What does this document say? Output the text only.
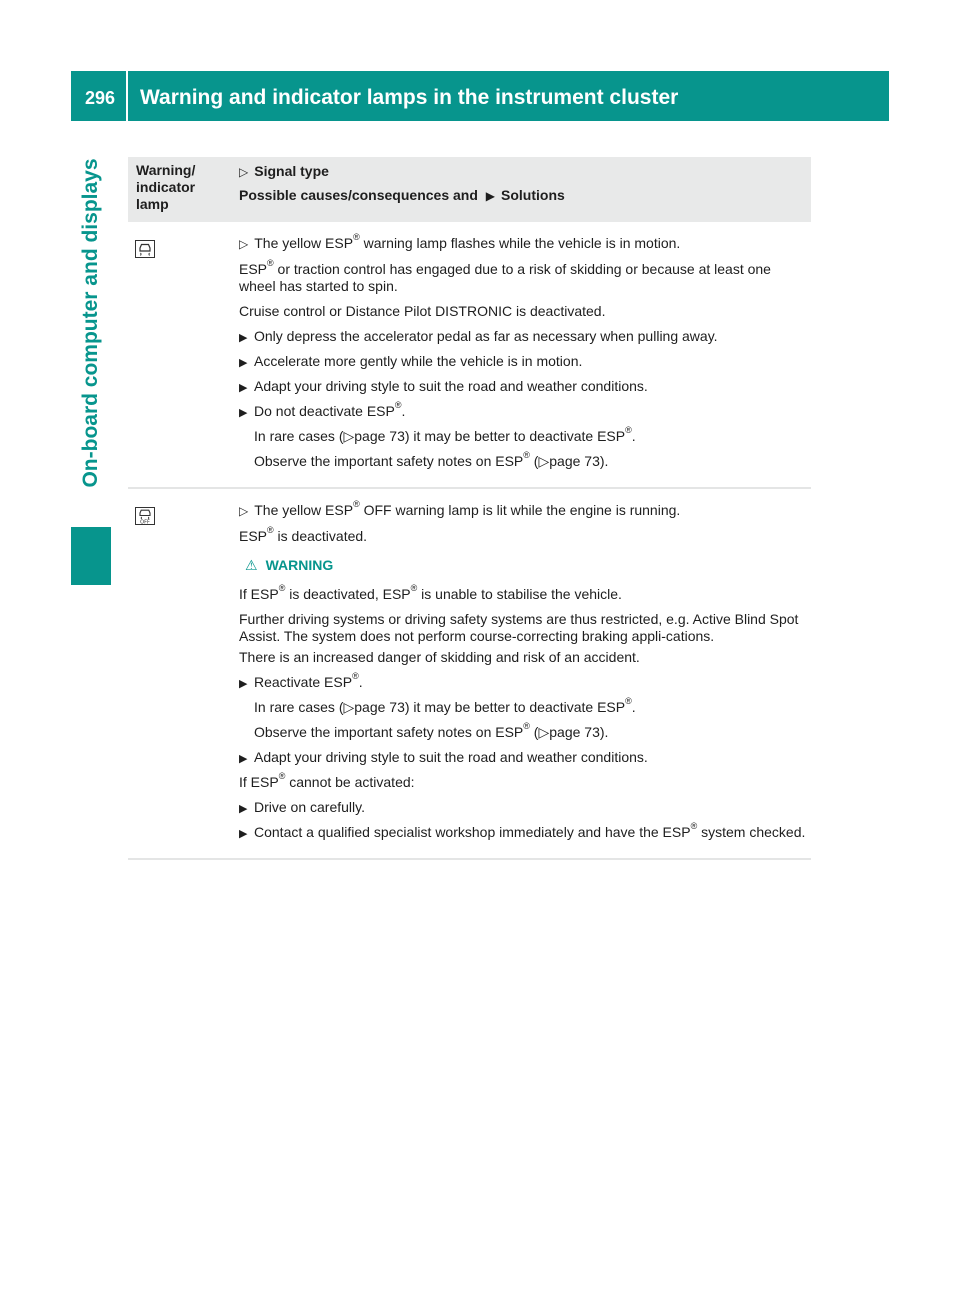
296 Warning and indicator lamps in the instrument cluster
On-board computer and displays Warning/
indicator
lamp
▷ Signal type
Possible causes/consequences and ▶ Solutions

▷ The yellow ESP® warning lamp flashes while the vehicle is in motion.

ESP® or traction control has engaged due to a risk of skidding or because at least one wheel has started to spin.

Cruise control or Distance Pilot DISTRONIC is deactivated.

▶ Only depress the accelerator pedal as far as necessary when pulling away.
▶ Accelerate more gently while the vehicle is in motion.
▶ Adapt your driving style to suit the road and weather conditions.
▶ Do not deactivate ESP®.

In rare cases (▷page 73) it may be better to deactivate ESP®.

Observe the important safety notes on ESP® (▷page 73).

OFF

▷ The yellow ESP® OFF warning lamp is lit while the engine is running.

ESP® is deactivated.

⚠ WARNING

If ESP® is deactivated, ESP® is unable to stabilise the vehicle.

Further driving systems or driving safety systems are thus restricted, e.g. Active Blind Spot Assist. The system does not perform course-correcting braking appli-cations.

There is an increased danger of skidding and risk of an accident.

▶ Reactivate ESP®.

In rare cases (▷page 73) it may be better to deactivate ESP®.

Observe the important safety notes on ESP® (▷page 73).

▶ Adapt your driving style to suit the road and weather conditions.

If ESP® cannot be activated:

▶ Drive on carefully.
▶ Contact a qualified specialist workshop immediately and have the ESP® system checked.
